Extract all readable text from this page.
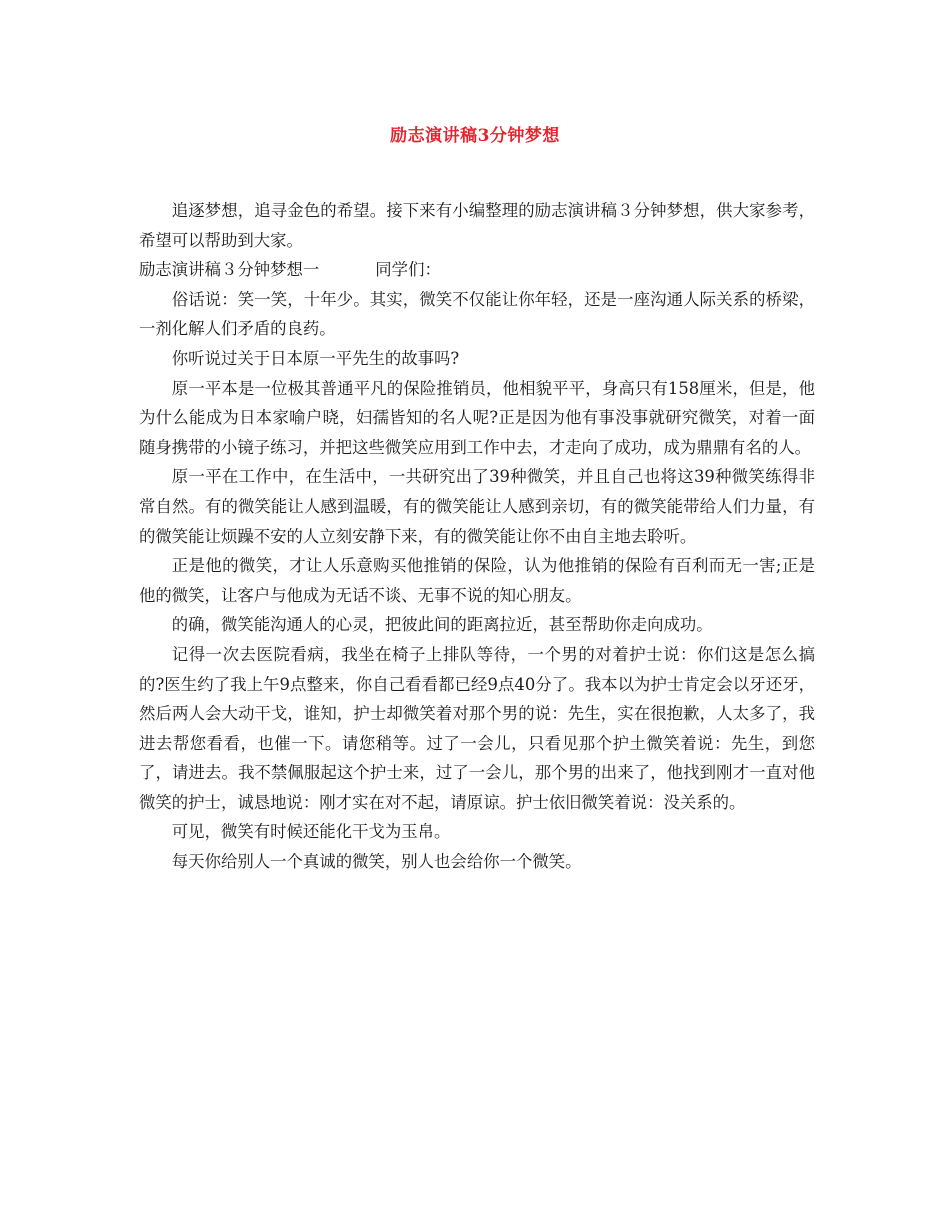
励志演讲稿3分钟梦想

追逐梦想，追寻金色的希望。接下来有小编整理的励志演讲稿３分钟梦想，供大家参考，希望可以帮助到大家。

励志演讲稿３分钟梦想一	同学们：

俗话说：笑一笑，十年少。其实，微笑不仅能让你年轻，还是一座沟通人际关系的桥梁，一剂化解人们矛盾的良药。

你听说过关于日本原一平先生的故事吗?

原一平本是一位极其普通平凡的保险推销员，他相貌平平，身高只有158厘米，但是，他为什么能成为日本家喻户晓，妇孺皆知的名人呢?正是因为他有事没事就研究微笑，对着一面随身携带的小镜子练习，并把这些微笑应用到工作中去，才走向了成功，成为鼎鼎有名的人。

原一平在工作中，在生活中，一共研究出了39种微笑，并且自己也将这39种微笑练得非常自然。有的微笑能让人感到温暖，有的微笑能让人感到亲切，有的微笑能带给人们力量，有的微笑能让烦躁不安的人立刻安静下来，有的微笑能让你不由自主地去聆听。

正是他的微笑，才让人乐意购买他推销的保险，认为他推销的保险有百利而无一害;正是他的微笑，让客户与他成为无话不谈、无事不说的知心朋友。

的确，微笑能沟通人的心灵，把彼此间的距离拉近，甚至帮助你走向成功。

记得一次去医院看病，我坐在椅子上排队等待，一个男的对着护士说：你们这是怎么搞的?医生约了我上午9点整来，你自己看看都已经9点40分了。我本以为护士肯定会以牙还牙，然后两人会大动干戈，谁知，护士却微笑着对那个男的说：先生，实在很抱歉，人太多了，我进去帮您看看，也催一下。请您稍等。过了一会儿，只看见那个护土微笑着说：先生，到您了，请进去。我不禁佩服起这个护士来，过了一会儿，那个男的出来了，他找到刚才一直对他微笑的护士，诚恳地说：刚才实在对不起，请原谅。护士依旧微笑着说：没关系的。

可见，微笑有时候还能化干戈为玉帛。

每天你给别人一个真诚的微笑，别人也会给你一个微笑。
